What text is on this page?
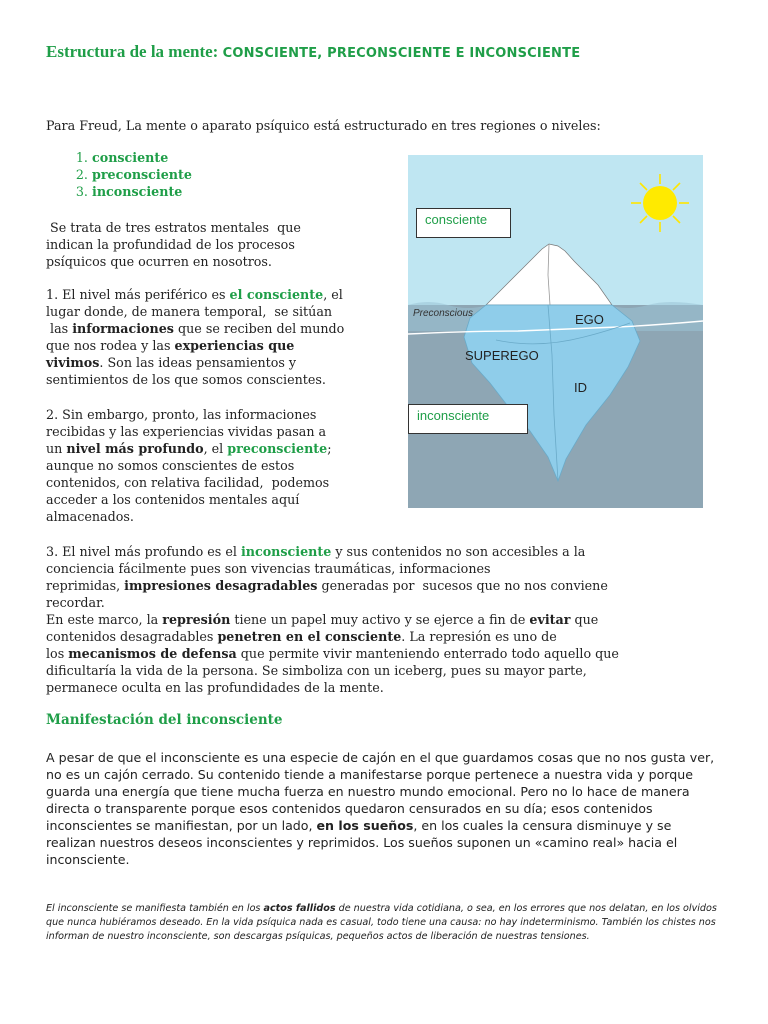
Estructura de la mente: CONSCIENTE, PRECONSCIENTE E INCONSCIENTE
Para Freud, La mente o aparato psíquico está estructurado en tres regiones o niveles:
1. consciente
2. preconsciente
3. inconsciente
Se trata de tres estratos mentales  que
indican la profundidad de los procesos
psíquicos que ocurren en nosotros.
1. El nivel más periférico es el consciente, el
lugar donde, de manera temporal,  se sitúan
las informaciones que se reciben del mundo
que nos rodea y las experiencias que
vivimos. Son las ideas pensamientos y
sentimientos de los que somos conscientes.
2. Sin embargo, pronto, las informaciones
recibidas y las experiencias vividas pasan a
un nivel más profundo, el preconsciente;
aunque no somos conscientes de estos
contenidos, con relativa facilidad,  podemos
acceder a los contenidos mentales aquí
almacenados.
Preconscious	EGO
SUPEREGO
ID
consciente
inconsciente
3. El nivel más profundo es el inconsciente y sus contenidos no son accesibles a la
conciencia fácilmente pues son vivencias traumáticas, informaciones
reprimidas, impresiones desagradables generadas por  sucesos que no nos conviene
recordar.
En este marco, la represión tiene un papel muy activo y se ejerce a fin de evitar que
contenidos desagradables penetren en el consciente. La represión es uno de
los mecanismos de defensa que permite vivir manteniendo enterrado todo aquello que
dificultaría la vida de la persona. Se simboliza con un iceberg, pues su mayor parte,
permanece oculta en las profundidades de la mente.
Manifestación del inconsciente
A pesar de que el inconsciente es una especie de cajón en el que guardamos cosas que no nos gusta ver, no es un cajón cerrado. Su contenido tiende a manifestarse porque pertenece a nuestra vida y porque guarda una energía que tiene mucha fuerza en nuestro mundo emocional. Pero no lo hace de manera directa o transparente porque esos contenidos quedaron censurados en su día; esos contenidos inconscientes se manifiestan, por un lado, en los sueños, en los cuales la censura disminuye y se realizan nuestros deseos inconscientes y reprimidos. Los sueños suponen un «camino real» hacia el inconsciente.
El inconsciente se manifiesta también en los actos fallidos de nuestra vida cotidiana, o sea, en los errores que nos delatan, en los olvidos que nunca hubiéramos deseado. En la vida psíquica nada es casual, todo tiene una causa: no hay indeterminismo. También los chistes nos informan de nuestro inconsciente, son descargas psíquicas, pequeños actos de liberación de nuestras tensiones.
